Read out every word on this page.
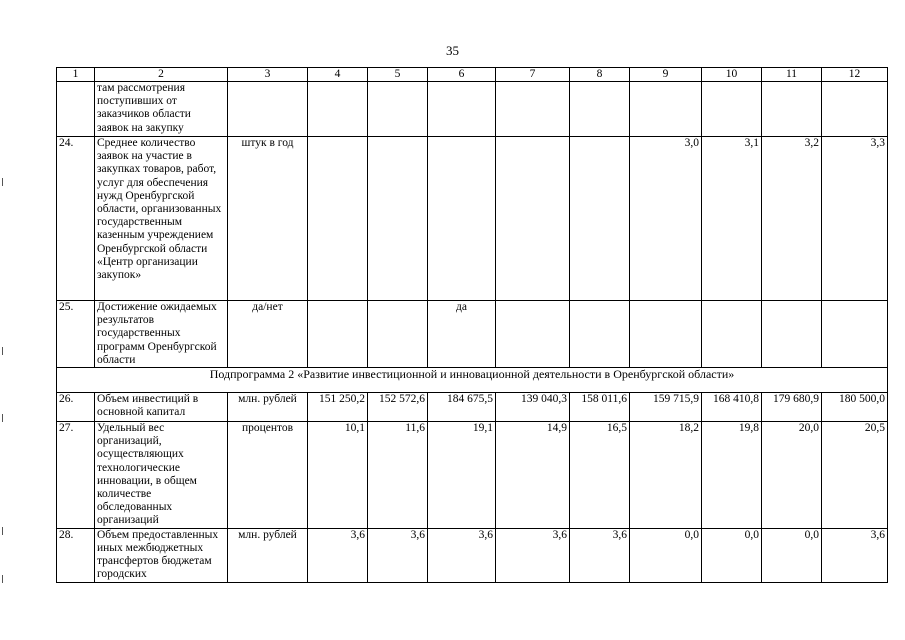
35
1	2	3	4	5	6	7	8	9	10	11	12
	там рассмотрения поступивших от заказчиков области заявок на закупку										
24.	Среднее количество заявок на участие в закупках товаров, работ, услуг для обеспечения нужд Оренбургской области, организованных государственным казенным учреждением Оренбургской области «Центр организации закупок»	штук в год						3,0	3,1	3,2	3,3
25.	Достижение ожидаемых результатов государственных программ Оренбургской области	да/нет			да						
Подпрограмма 2 «Развитие инвестиционной и инновационной деятельности в Оренбургской области»											
26.	Объем инвестиций в основной капитал	млн. рублей	151 250,2	152 572,6	184 675,5	139 040,3	158 011,6	159 715,9	168 410,8	179 680,9	180 500,0
27.	Удельный вес организаций, осуществляющих технологические инновации, в общем количестве обследованных организаций	процентов	10,1	11,6	19,1	14,9	16,5	18,2	19,8	20,0	20,5
28.	Объем предоставленных иных межбюджетных трансфертов бюджетам городских	млн. рублей	3,6	3,6	3,6	3,6	3,6	0,0	0,0	0,0	3,6
